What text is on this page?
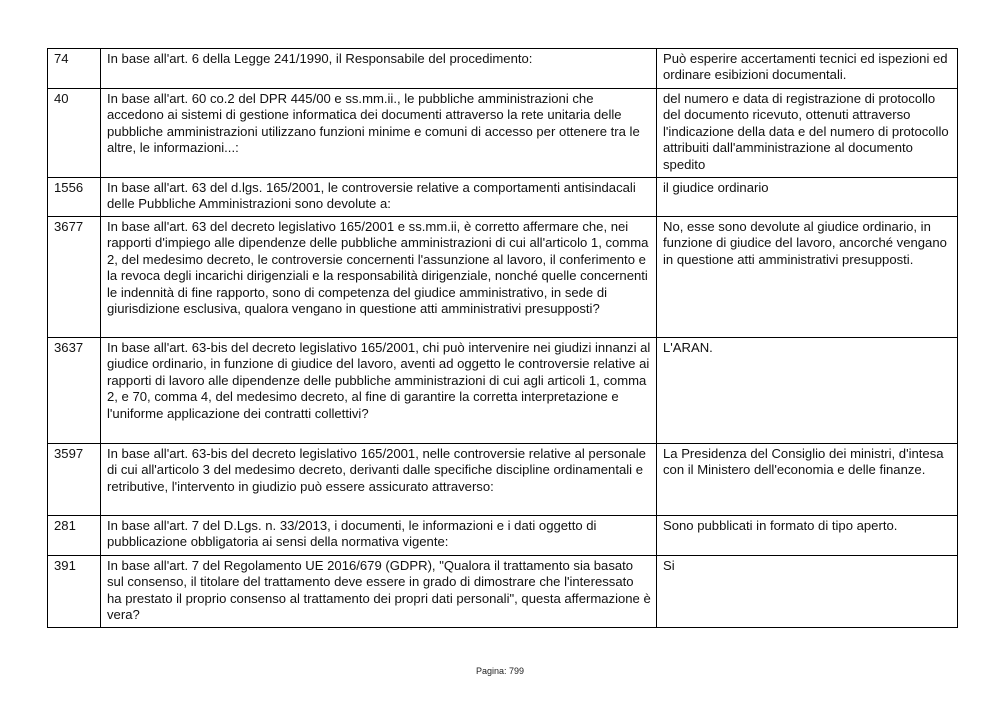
74	In base all'art. 6 della Legge 241/1990, il Responsabile del procedimento:	Può esperire accertamenti tecnici ed ispezioni ed ordinare esibizioni documentali.
40	In base all'art. 60 co.2 del DPR 445/00 e ss.mm.ii., le pubbliche amministrazioni che accedono ai sistemi di gestione informatica dei documenti attraverso la rete unitaria delle pubbliche amministrazioni utilizzano funzioni minime e comuni di accesso per ottenere tra le altre, le informazioni...:	del numero e data di registrazione di protocollo del documento ricevuto, ottenuti attraverso l'indicazione della data e del numero di protocollo attribuiti dall'amministrazione al documento spedito
1556	In base all'art. 63 del d.lgs. 165/2001, le controversie relative a comportamenti antisindacali delle Pubbliche Amministrazioni sono devolute a:	il giudice ordinario
3677	In base all'art. 63 del decreto legislativo 165/2001 e ss.mm.ii, è corretto affermare che, nei rapporti d'impiego alle dipendenze delle pubbliche amministrazioni di cui all'articolo 1, comma 2, del medesimo decreto, le controversie concernenti l'assunzione al lavoro, il conferimento e la revoca degli incarichi dirigenziali e la responsabilità dirigenziale, nonché quelle concernenti le indennità di fine rapporto, sono di competenza del giudice amministrativo, in sede di giurisdizione esclusiva, qualora vengano in questione atti amministrativi presupposti?	No, esse sono devolute al giudice ordinario, in funzione di giudice del lavoro, ancorché vengano in questione atti amministrativi presupposti.
3637	In base all'art. 63-bis del decreto legislativo 165/2001, chi può intervenire nei giudizi innanzi al giudice ordinario, in funzione di giudice del lavoro, aventi ad oggetto le controversie relative ai rapporti di lavoro alle dipendenze delle pubbliche amministrazioni di cui agli articoli 1, comma 2, e 70, comma 4, del medesimo decreto, al fine di garantire la corretta interpretazione e l'uniforme applicazione dei contratti collettivi?	L'ARAN.
3597	In base all'art. 63-bis del decreto legislativo 165/2001, nelle controversie relative al personale di cui all'articolo 3 del medesimo decreto, derivanti dalle specifiche discipline ordinamentali e retributive, l'intervento in giudizio può essere assicurato attraverso:	La Presidenza del Consiglio dei ministri, d'intesa con il Ministero dell'economia e delle finanze.
281	In base all'art. 7 del D.Lgs. n. 33/2013, i documenti, le informazioni e i dati oggetto di pubblicazione obbligatoria ai sensi della normativa vigente:	Sono pubblicati in formato di tipo aperto.
391	In base all'art. 7 del Regolamento UE 2016/679 (GDPR), "Qualora il trattamento sia basato sul consenso, il titolare del trattamento deve essere in grado di dimostrare che l'interessato ha prestato il proprio consenso al trattamento dei propri dati personali", questa affermazione è vera?	Si
Pagina: 799
